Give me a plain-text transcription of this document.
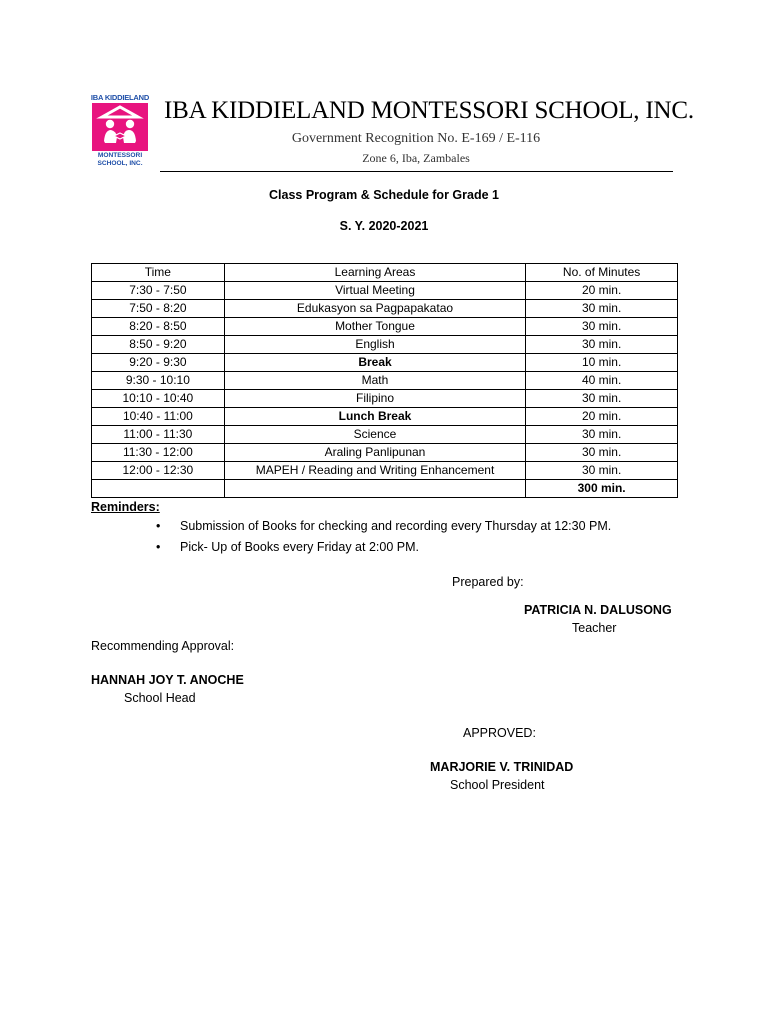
IBA KIDDIELAND
MONTESSORI
SCHOOL, INC.
IBA KIDDIELAND MONTESSORI SCHOOL, INC.
Government Recognition No. E-169 / E-116
Zone 6, Iba, Zambales
Class Program & Schedule for Grade 1
S. Y. 2020-2021
Time	Learning Areas	No. of Minutes
7:30 - 7:50	Virtual Meeting	20 min.
7:50 - 8:20	Edukasyon sa Pagpapakatao	30 min.
8:20 - 8:50	Mother Tongue	30 min.
8:50 - 9:20	English	30 min.
9:20 - 9:30	Break	10 min.
9:30 - 10:10	Math	40 min.
10:10 - 10:40	Filipino	30 min.
10:40 - 11:00	Lunch Break	20 min.
11:00 - 11:30	Science	30 min.
11:30 - 12:00	Araling Panlipunan	30 min.
12:00 - 12:30	MAPEH / Reading and Writing Enhancement	30 min.
		300 min.
Reminders:
• Submission of Books for checking and recording every Thursday at 12:30 PM.
• Pick- Up of Books every Friday at 2:00 PM.
Prepared by:
PATRICIA N. DALUSONG
Teacher
Recommending Approval:
HANNAH JOY T. ANOCHE
School Head
APPROVED:
MARJORIE V. TRINIDAD
School President
